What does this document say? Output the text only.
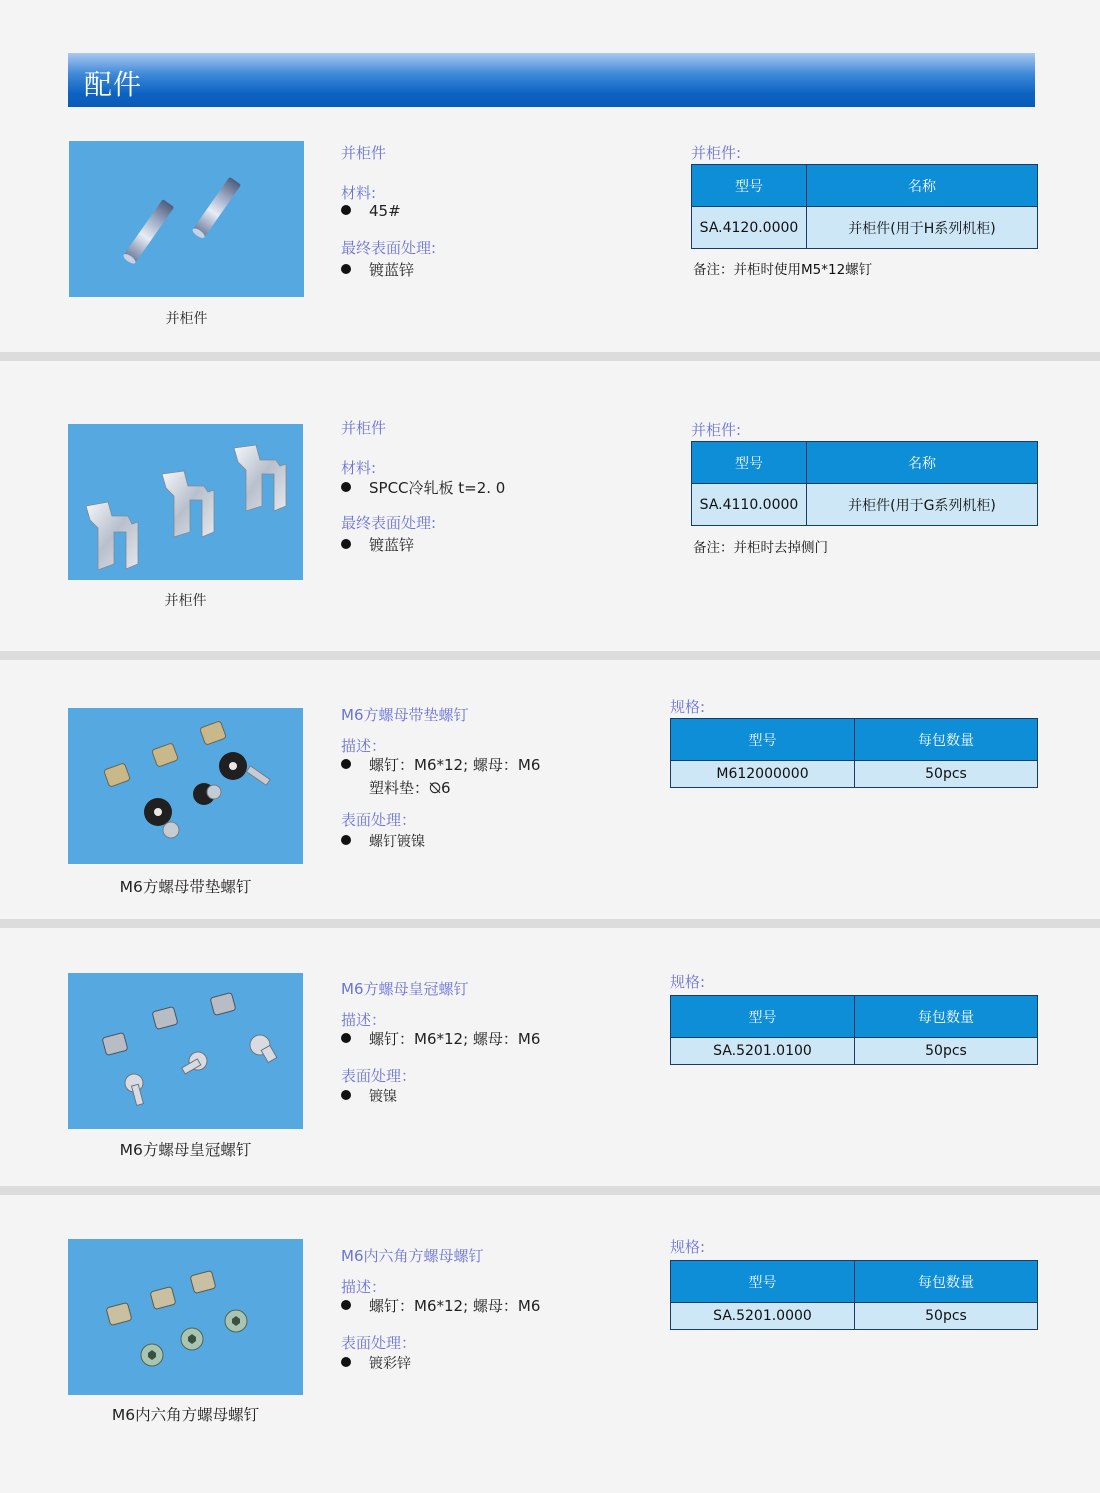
配件
并柜件
并柜件
材料:
45#
最终表面处理:
镀蓝锌
并柜件:
型号	名称
SA.4120.0000	并柜件(用于H系列机柜)
备注：并柜时使用M5*12螺钉
并柜件
并柜件
材料:
SPCC冷轧板 t=2. 0
最终表面处理:
镀蓝锌
并柜件:
型号	名称
SA.4110.0000	并柜件(用于G系列机柜)
备注：并柜时去掉侧门
M6方螺母带垫螺钉
M6方螺母带垫螺钉
描述：
螺钉：M6*12; 螺母：M6
塑料垫：⦰6
表面处理：
螺钉镀镍
规格:
型号	每包数量
M612000000	50pcs
M6方螺母皇冠螺钉
M6方螺母皇冠螺钉
描述：
螺钉：M6*12; 螺母：M6
表面处理：
镀镍
规格:
型号	每包数量
SA.5201.0100	50pcs
M6内六角方螺母螺钉
M6内六角方螺母螺钉
描述：
螺钉：M6*12; 螺母：M6
表面处理：
镀彩锌
规格:
型号	每包数量
SA.5201.0000	50pcs
